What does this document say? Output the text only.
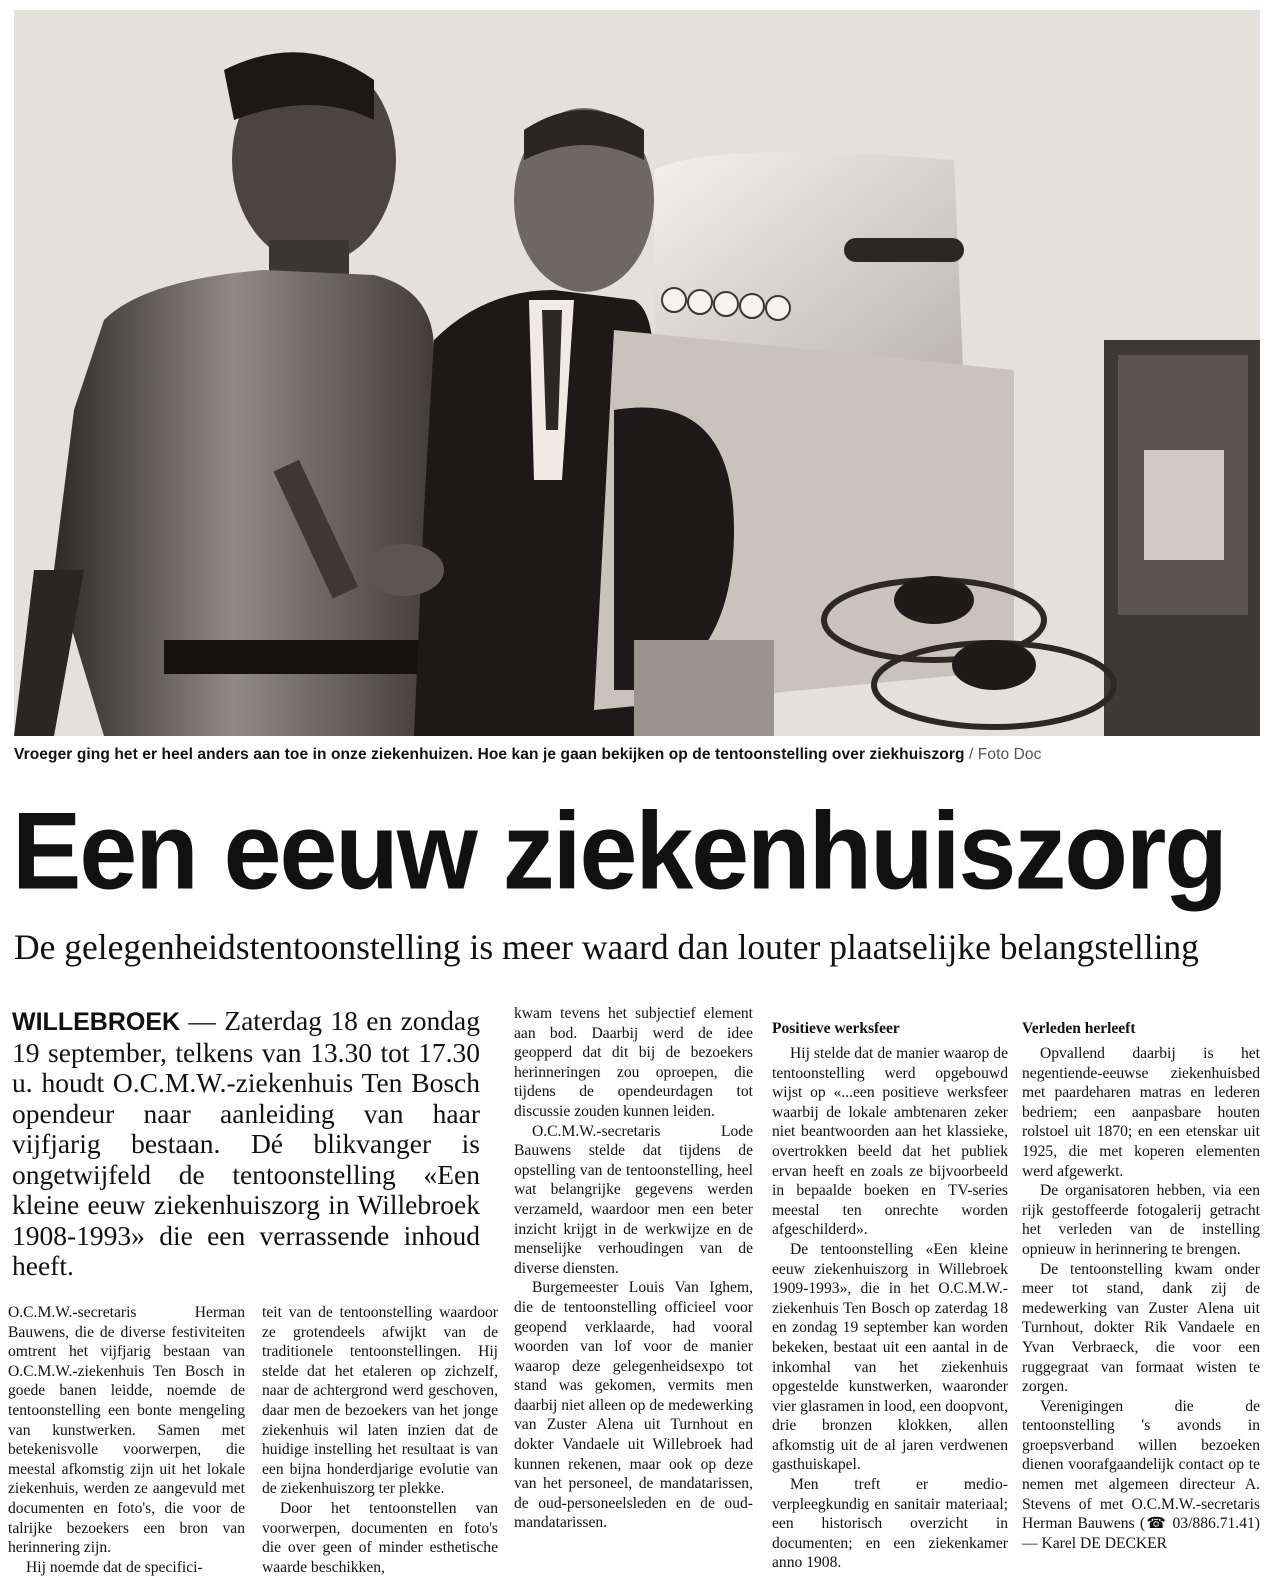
Vroeger ging het er heel anders aan toe in onze ziekenhuizen. Hoe kan je gaan bekijken op de tentoonstelling over ziekhuiszorg / Foto Doc
Een eeuw ziekenhuiszorg
De gelegenheidstentoonstelling is meer waard dan louter plaatselijke belangstelling
WILLEBROEK — Zaterdag 18 en zondag 19 september, telkens van 13.30 tot 17.30 u. houdt O.C.M.W.-ziekenhuis Ten Bosch opendeur naar aanleiding van haar vijfjarig bestaan. Dé blikvanger is ongetwijfeld de tentoonstelling «Een kleine eeuw ziekenhuiszorg in Willebroek 1908-1993» die een verrassende inhoud heeft.

O.C.M.W.-secretaris Herman Bauwens, die de diverse festiviteiten omtrent het vijfjarig bestaan van O.C.M.W.-ziekenhuis Ten Bosch in goede banen leidde, noemde de tentoonstelling een bonte mengeling van kunstwerken. Samen met betekenisvolle voorwerpen, die meestal afkomstig zijn uit het lokale ziekenhuis, werden ze aangevuld met documenten en foto's, die voor de talrijke bezoekers een bron van herinnering zijn.

Hij noemde dat de specifici-

teit van de tentoonstelling waardoor ze grotendeels afwijkt van de traditionele tentoonstellingen. Hij stelde dat het etaleren op zichzelf, naar de achtergrond werd geschoven, daar men de bezoekers van het jonge ziekenhuis wil laten inzien dat de huidige instelling het resultaat is van een bijna honderdjarige evolutie van de ziekenhuiszorg ter plekke.

Door het tentoonstellen van voorwerpen, documenten en foto's die over geen of minder esthetische waarde beschikken,

kwam tevens het subjectief element aan bod. Daarbij werd de idee geopperd dat dit bij de bezoekers herinneringen zou oproepen, die tijdens de opendeurdagen tot discussie zouden kunnen leiden.

O.C.M.W.-secretaris Lode Bauwens stelde dat tijdens de opstelling van de tentoonstelling, heel wat belangrijke gegevens werden verzameld, waardoor men een beter inzicht krijgt in de werkwijze en de menselijke verhoudingen van de diverse diensten.

Burgemeester Louis Van Ighem, die de tentoonstelling officieel voor geopend verklaarde, had vooral woorden van lof voor de manier waarop deze gelegenheidsexpo tot stand was gekomen, vermits men daarbij niet alleen op de medewerking van Zuster Alena uit Turnhout en dokter Vandaele uit Willebroek had kunnen rekenen, maar ook op deze van het personeel, de mandatarissen, de oud-personeelsleden en de oud-mandatarissen.

Positieve werksfeer

Hij stelde dat de manier waarop de tentoonstelling werd opgebouwd wijst op «...een positieve werksfeer waarbij de lokale ambtenaren zeker niet beantwoorden aan het klassieke, overtrokken beeld dat het publiek ervan heeft en zoals ze bijvoorbeeld in bepaalde boeken en TV-series meestal ten onrechte worden afgeschilderd».

De tentoonstelling «Een kleine eeuw ziekenhuiszorg in Willebroek 1909-1993», die in het O.C.M.W.-ziekenhuis Ten Bosch op zaterdag 18 en zondag 19 september kan worden bekeken, bestaat uit een aantal in de inkomhal van het ziekenhuis opgestelde kunstwerken, waaronder vier glasramen in lood, een doopvont, drie bronzen klokken, allen afkomstig uit de al jaren verdwenen gasthuiskapel.

Men treft er medio-verpleegkundig en sanitair materiaal; een historisch overzicht in documenten; en een ziekenkamer anno 1908.

Verleden herleeft

Opvallend daarbij is het negentiende-eeuwse ziekenhuisbed met paardeharen matras en lederen bedriem; een aanpasbare houten rolstoel uit 1870; en een etenskar uit 1925, die met koperen elementen werd afgewerkt.

De organisatoren hebben, via een rijk gestoffeerde fotogalerij getracht het verleden van de instelling opnieuw in herinnering te brengen.

De tentoonstelling kwam onder meer tot stand, dank zij de medewerking van Zuster Alena uit Turnhout, dokter Rik Vandaele en Yvan Verbraeck, die voor een ruggegraat van formaat wisten te zorgen.

Verenigingen die de tentoonstelling 's avonds in groepsverband willen bezoeken dienen voorafgaandelijk contact op te nemen met algemeen directeur A. Stevens of met O.C.M.W.-secretaris Herman Bauwens (☎ 03/886.71.41) — Karel DE DECKER
